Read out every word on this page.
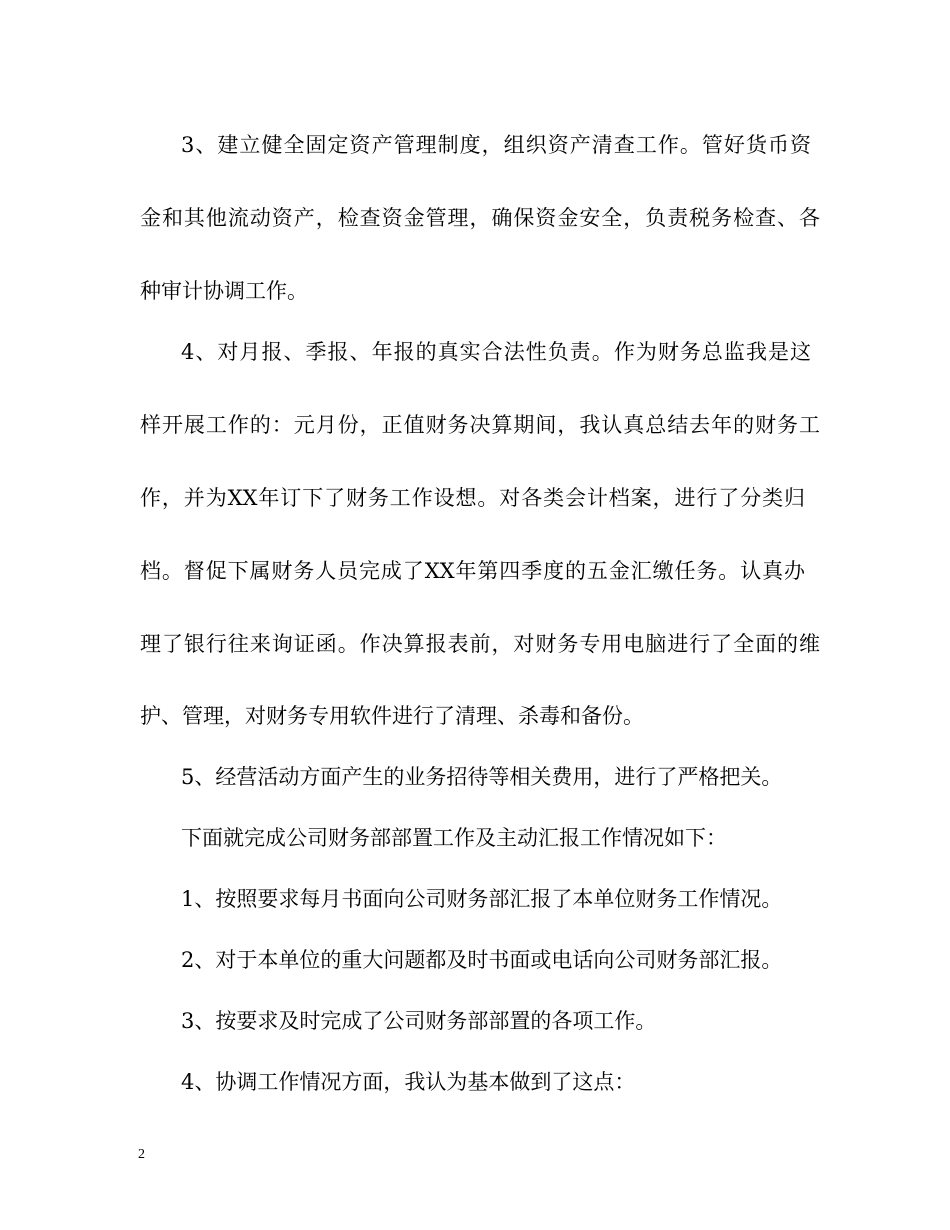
3、建立健全固定资产管理制度，组织资产清查工作。管好货币资
金和其他流动资产，检查资金管理，确保资金安全，负责税务检查、各
种审计协调工作。
4、对月报、季报、年报的真实合法性负责。作为财务总监我是这
样开展工作的：元月份，正值财务决算期间，我认真总结去年的财务工
作，并为XX年订下了财务工作设想。对各类会计档案，进行了分类归
档。督促下属财务人员完成了XX年第四季度的五金汇缴任务。认真办
理了银行往来询证函。作决算报表前，对财务专用电脑进行了全面的维
护、管理，对财务专用软件进行了清理、杀毒和备份。
5、经营活动方面产生的业务招待等相关费用，进行了严格把关。
下面就完成公司财务部部置工作及主动汇报工作情况如下：
1、按照要求每月书面向公司财务部汇报了本单位财务工作情况。
2、对于本单位的重大问题都及时书面或电话向公司财务部汇报。
3、按要求及时完成了公司财务部部置的各项工作。
4、协调工作情况方面，我认为基本做到了这点：
2
